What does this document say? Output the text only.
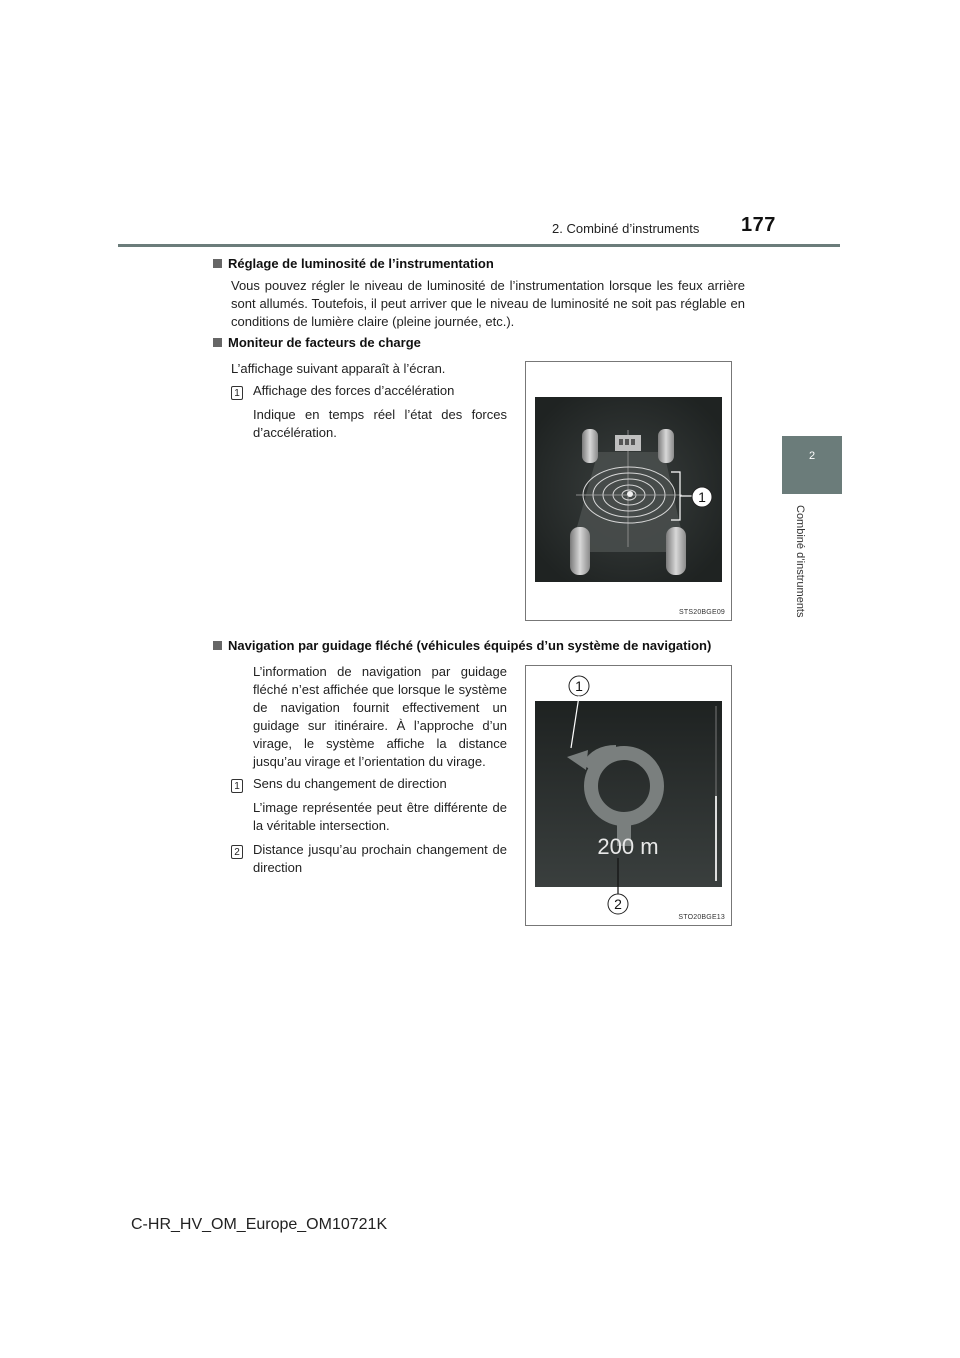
2. Combiné d’instruments 177
2
Combiné d’instruments
Réglage de luminosité de l’instrumentation
Vous pouvez régler le niveau de luminosité de l’instrumentation lorsque les feux arrière sont allumés. Toutefois, il peut arriver que le niveau de luminosité ne soit pas réglable en conditions de lumière claire (pleine journée, etc.).
Moniteur de facteurs de charge
L’affichage suivant apparaît à l’écran.
1 Affichage des forces d’accélération
Indique en temps réel l’état des forces d’accélération.
1
STS20BGE09
Navigation par guidage fléché (véhicules équipés d’un système de navigation)
L’information de navigation par guidage fléché n’est affichée que lorsque le système de navigation fournit effectivement un guidage sur itinéraire. À l’approche d’un virage, le système affiche la distance jusqu’au virage et l’orientation du virage.
1 Sens du changement de direction
L’image représentée peut être différente de la véritable intersection.
2 Distance jusqu’au prochain changement de direction
200 m
1
2
STO20BGE13
C-HR_HV_OM_Europe_OM10721K
